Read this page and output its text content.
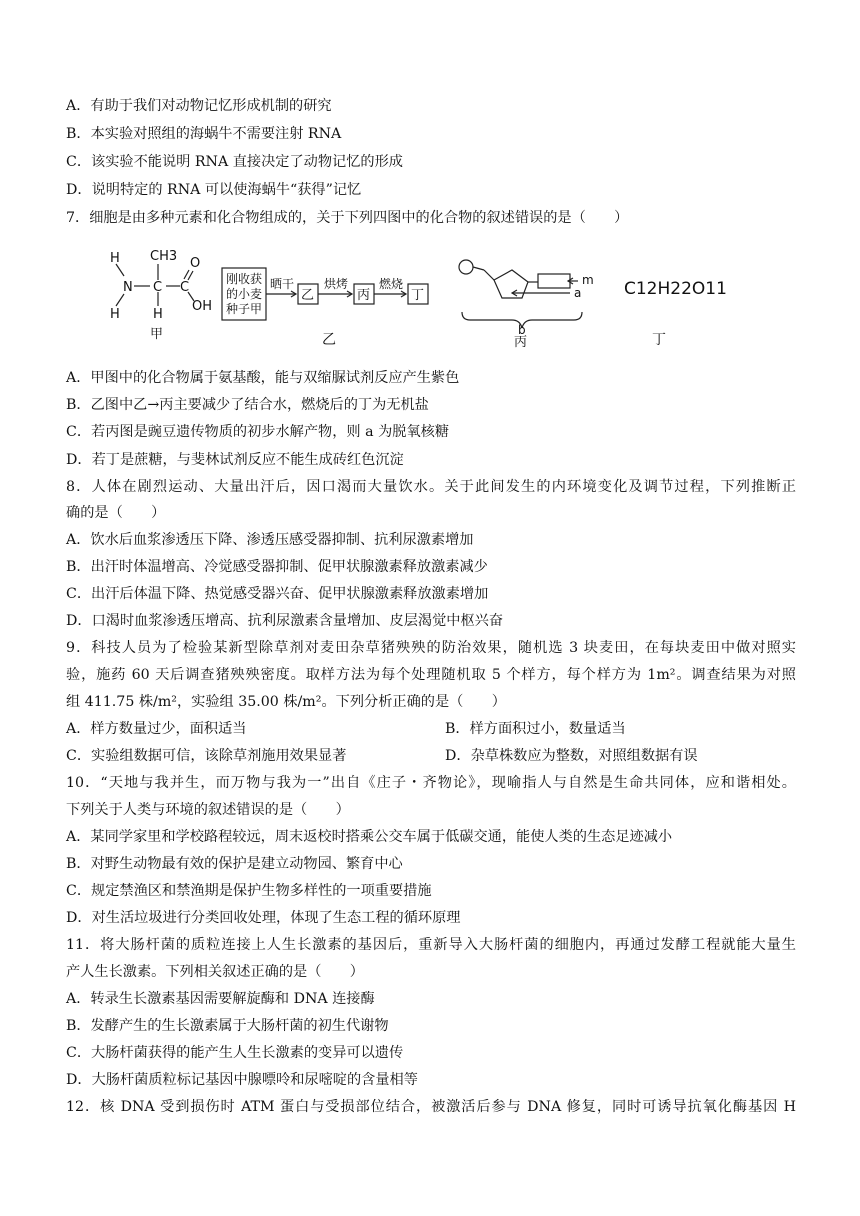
A．有助于我们对动物记忆形成机制的研究
B．本实验对照组的海蜗牛不需要注射 RNA
C．该实验不能说明 RNA 直接决定了动物记忆的形成
D．说明特定的 RNA 可以使海蜗牛“获得”记忆
7．细胞是由多种元素和化合物组成的，关于下列四图中的化合物的叙述错误的是（　　）
H CH3 O
N C C
H	H
OH
甲
刚收获
的小麦
种子甲
晒干
乙
烘烤
丙
燃烧
丁
乙
m
a
b
丙
C12H22O11
丁
A．甲图中的化合物属于氨基酸，能与双缩脲试剂反应产生紫色
B．乙图中乙→丙主要减少了结合水，燃烧后的丁为无机盐
C．若丙图是豌豆遗传物质的初步水解产物，则 a 为脱氧核糖
D．若丁是蔗糖，与斐林试剂反应不能生成砖红色沉淀
8．人体在剧烈运动、大量出汗后，因口渴而大量饮水。关于此间发生的内环境变化及调节过程，下列推断正
确的是（　　）
A．饮水后血浆渗透压下降、渗透压感受器抑制、抗利尿激素增加
B．出汗时体温增高、冷觉感受器抑制、促甲状腺激素释放激素减少
C．出汗后体温下降、热觉感受器兴奋、促甲状腺激素释放激素增加
D．口渴时血浆渗透压增高、抗利尿激素含量增加、皮层渴觉中枢兴奋
9．科技人员为了检验某新型除草剂对麦田杂草猪殃殃的防治效果，随机选 3 块麦田，在每块麦田中做对照实
验，施药 60 天后调查猪殃殃密度。取样方法为每个处理随机取 5 个样方，每个样方为 1m²。调查结果为对照
组 411.75 株/m²，实验组 35.00 株/m²。下列分析正确的是（　　）
A．样方数量过少，面积适当	B．样方面积过小，数量适当
C．实验组数据可信，该除草剂施用效果显著	D．杂草株数应为整数，对照组数据有误
10．“天地与我并生，而万物与我为一”出自《庄子・齐物论》，现喻指人与自然是生命共同体，应和谐相处。
下列关于人类与环境的叙述错误的是（　　）
A．某同学家里和学校路程较远，周末返校时搭乘公交车属于低碳交通，能使人类的生态足迹减小
B．对野生动物最有效的保护是建立动物园、繁育中心
C．规定禁渔区和禁渔期是保护生物多样性的一项重要措施
D．对生活垃圾进行分类回收处理，体现了生态工程的循环原理
11．将大肠杆菌的质粒连接上人生长激素的基因后，重新导入大肠杆菌的细胞内，再通过发酵工程就能大量生
产人生长激素。下列相关叙述正确的是（　　）
A．转录生长激素基因需要解旋酶和 DNA 连接酶
B．发酵产生的生长激素属于大肠杆菌的初生代谢物
C．大肠杆菌获得的能产生人生长激素的变异可以遗传
D．大肠杆菌质粒标记基因中腺嘌呤和尿嘧啶的含量相等
12．核 DNA 受到损伤时 ATM 蛋白与受损部位结合，被激活后参与 DNA 修复，同时可诱导抗氧化酶基因 H
